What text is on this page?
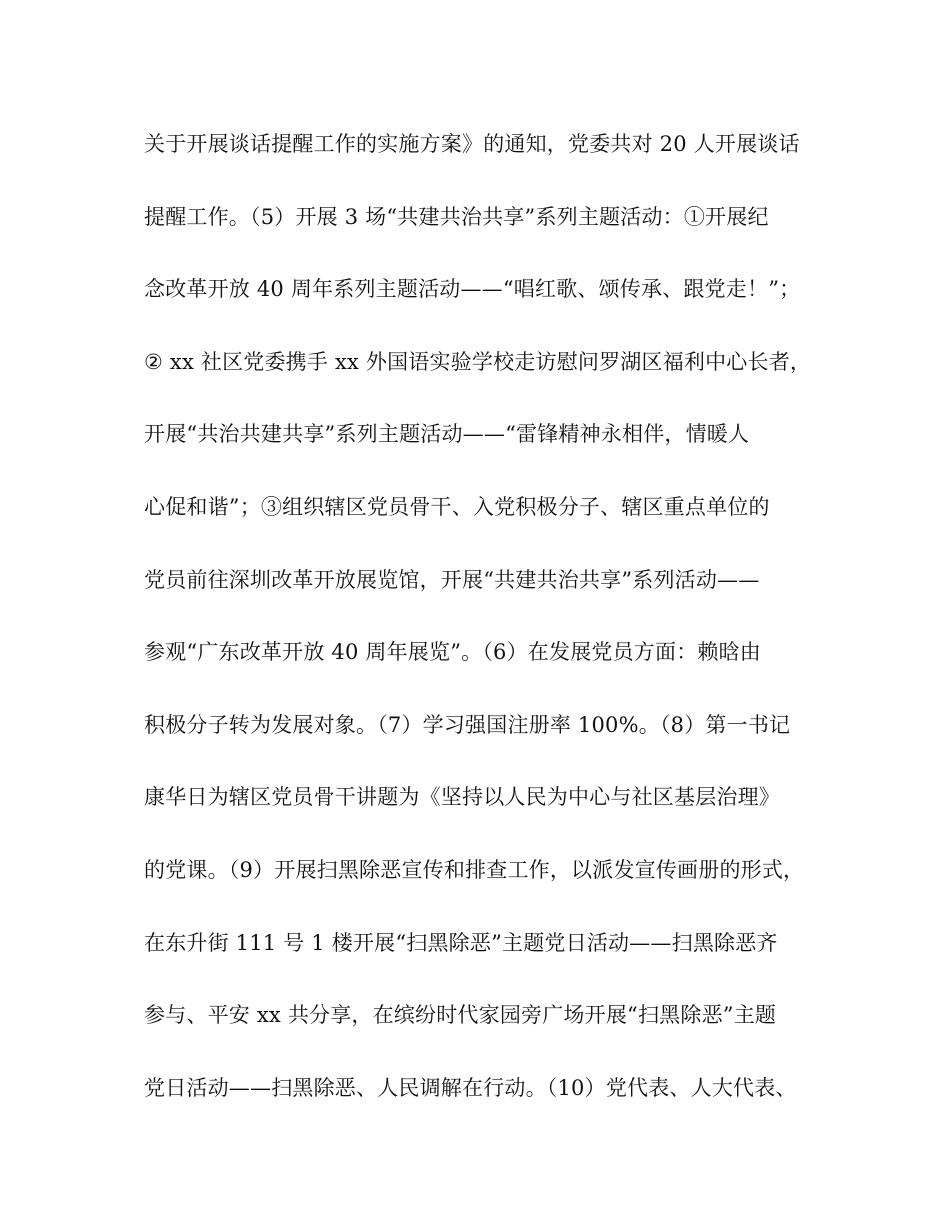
关于开展谈话提醒工作的实施方案》的通知，党委共对 20 人开展谈话
提醒工作。（5）开展 3 场“共建共治共享”系列主题活动：①开展纪
念改革开放 40 周年系列主题活动——“唱红歌、颂传承、跟党走！”；
② xx 社区党委携手 xx 外国语实验学校走访慰问罗湖区福利中心长者，
开展“共治共建共享”系列主题活动——“雷锋精神永相伴，情暖人
心促和谐”；③组织辖区党员骨干、入党积极分子、辖区重点单位的
党员前往深圳改革开放展览馆，开展“共建共治共享”系列活动——
参观“广东改革开放 40 周年展览”。（6）在发展党员方面：赖晗由
积极分子转为发展对象。（7）学习强国注册率 100%。（8）第一书记
康华日为辖区党员骨干讲题为《坚持以人民为中心与社区基层治理》
的党课。（9）开展扫黑除恶宣传和排查工作，以派发宣传画册的形式，
在东升街 111 号 1 楼开展“扫黑除恶”主题党日活动——扫黑除恶齐
参与、平安 xx 共分享，在缤纷时代家园旁广场开展“扫黑除恶”主题
党日活动——扫黑除恶、人民调解在行动。（10）党代表、人大代表、
